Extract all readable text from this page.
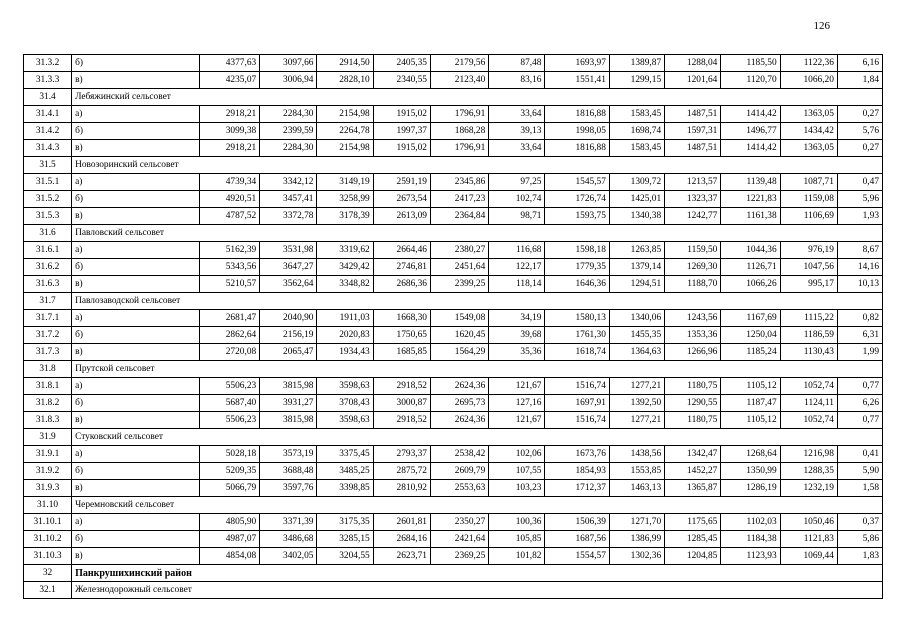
126
31.3.2	б)	4377,63	3097,66	2914,50	2405,35	2179,56	87,48	1693,97	1389,87	1288,04	1185,50	1122,36	6,16
31.3.3	в)	4235,07	3006,94	2828,10	2340,55	2123,40	83,16	1551,41	1299,15	1201,64	1120,70	1066,20	1,84
31.4	Лебяжинский сельсовет												
31.4.1	а)	2918,21	2284,30	2154,98	1915,02	1796,91	33,64	1816,88	1583,45	1487,51	1414,42	1363,05	0,27
31.4.2	б)	3099,38	2399,59	2264,78	1997,37	1868,28	39,13	1998,05	1698,74	1597,31	1496,77	1434,42	5,76
31.4.3	в)	2918,21	2284,30	2154,98	1915,02	1796,91	33,64	1816,88	1583,45	1487,51	1414,42	1363,05	0,27
31.5	Новозоринский сельсовет												
31.5.1	а)	4739,34	3342,12	3149,19	2591,19	2345,86	97,25	1545,57	1309,72	1213,57	1139,48	1087,71	0,47
31.5.2	б)	4920,51	3457,41	3258,99	2673,54	2417,23	102,74	1726,74	1425,01	1323,37	1221,83	1159,08	5,96
31.5.3	в)	4787,52	3372,78	3178,39	2613,09	2364,84	98,71	1593,75	1340,38	1242,77	1161,38	1106,69	1,93
31.6	Павловский сельсовет												
31.6.1	а)	5162,39	3531,98	3319,62	2664,46	2380,27	116,68	1598,18	1263,85	1159,50	1044,36	976,19	8,67
31.6.2	б)	5343,56	3647,27	3429,42	2746,81	2451,64	122,17	1779,35	1379,14	1269,30	1126,71	1047,56	14,16
31.6.3	в)	5210,57	3562,64	3348,82	2686,36	2399,25	118,14	1646,36	1294,51	1188,70	1066,26	995,17	10,13
31.7	Павлозаводской сельсовет												
31.7.1	а)	2681,47	2040,90	1911,03	1668,30	1549,08	34,19	1580,13	1340,06	1243,56	1167,69	1115,22	0,82
31.7.2	б)	2862,64	2156,19	2020,83	1750,65	1620,45	39,68	1761,30	1455,35	1353,36	1250,04	1186,59	6,31
31.7.3	в)	2720,08	2065,47	1934,43	1685,85	1564,29	35,36	1618,74	1364,63	1266,96	1185,24	1130,43	1,99
31.8	Прутской сельсовет												
31.8.1	а)	5506,23	3815,98	3598,63	2918,52	2624,36	121,67	1516,74	1277,21	1180,75	1105,12	1052,74	0,77
31.8.2	б)	5687,40	3931,27	3708,43	3000,87	2695,73	127,16	1697,91	1392,50	1290,55	1187,47	1124,11	6,26
31.8.3	в)	5506,23	3815,98	3598,63	2918,52	2624,36	121,67	1516,74	1277,21	1180,75	1105,12	1052,74	0,77
31.9	Стуковский сельсовет												
31.9.1	а)	5028,18	3573,19	3375,45	2793,37	2538,42	102,06	1673,76	1438,56	1342,47	1268,64	1216,98	0,41
31.9.2	б)	5209,35	3688,48	3485,25	2875,72	2609,79	107,55	1854,93	1553,85	1452,27	1350,99	1288,35	5,90
31.9.3	в)	5066,79	3597,76	3398,85	2810,92	2553,63	103,23	1712,37	1463,13	1365,87	1286,19	1232,19	1,58
31.10	Черемновский сельсовет												
31.10.1	а)	4805,90	3371,39	3175,35	2601,81	2350,27	100,36	1506,39	1271,70	1175,65	1102,03	1050,46	0,37
31.10.2	б)	4987,07	3486,68	3285,15	2684,16	2421,64	105,85	1687,56	1386,99	1285,45	1184,38	1121,83	5,86
31.10.3	в)	4854,08	3402,05	3204,55	2623,71	2369,25	101,82	1554,57	1302,36	1204,85	1123,93	1069,44	1,83
32	Панкрушихинский район												
32.1	Железнодорожный сельсовет												
